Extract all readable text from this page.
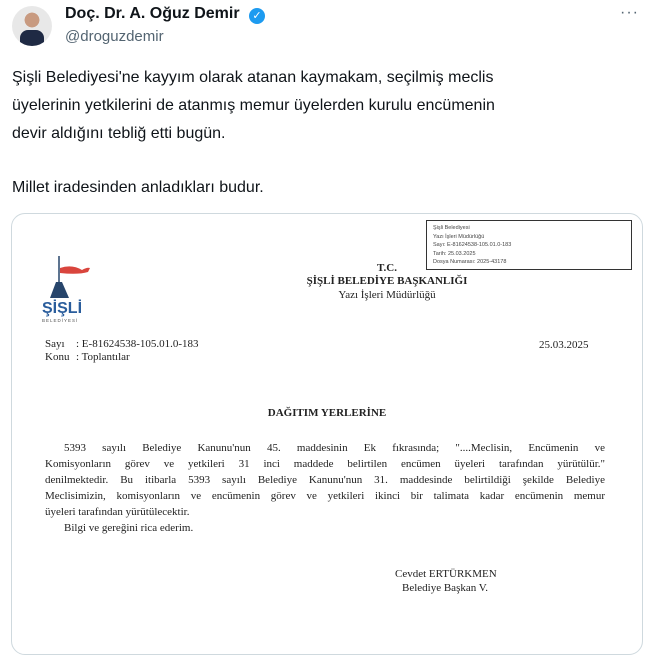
Doç. Dr. A. Oğuz Demir	✓
@droguzdemir
···
Şişli Belediyesi'ne kayyım olarak atanan kaymakam, seçilmiş meclis
üyelerinin yetkilerini de atanmış memur üyelerden kurulu encümenin
devir aldığını tebliğ etti bugün.
Millet iradesinden anladıkları budur.
Şişli Belediyesi
Yazı İşleri Müdürlüğü
Sayı: E-81624538-105.01.0-183
Tarih: 25.03.2025
Dosya Numarası: 2025-43178
ŞİŞLİ
BELEDİYESİ
T.C.
ŞİŞLİ BELEDİYE BAŞKANLIĞI
Yazı İşleri Müdürlüğü
Sayı : E-81624538-105.01.0-183
Konu : Toplantılar
25.03.2025
DAĞITIM YERLERİNE
5393 sayılı Belediye Kanunu'nun 45. maddesinin Ek fıkrasında; "....Meclisin, Encümenin ve
Komisyonların görev ve yetkileri 31 inci maddede belirtilen encümen üyeleri tarafından yürütülür."
denilmektedir. Bu itibarla 5393 sayılı Belediye Kanunu'nun 31. maddesinde belirtildiği şekilde Belediye
Meclisimizin, komisyonların ve encümenin görev ve yetkileri ikinci bir talimata kadar encümenin memur
üyeleri tarafından yürütülecektir.
Bilgi ve gereğini rica ederim.
Cevdet ERTÜRKMEN
Belediye Başkan V.
